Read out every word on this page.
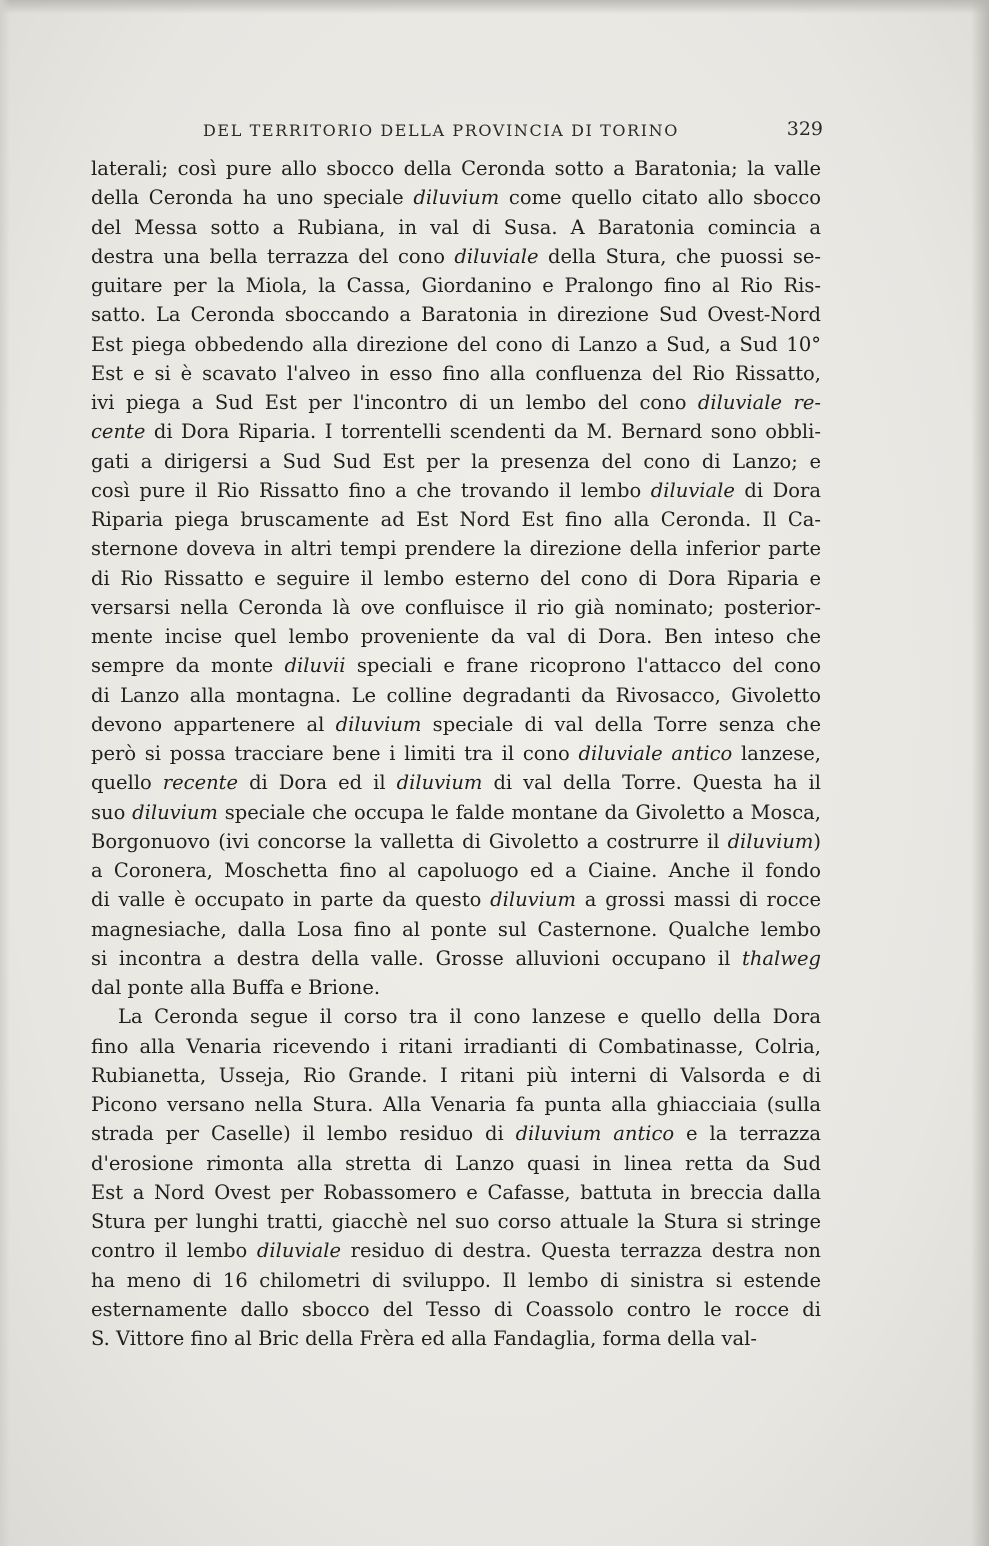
DEL TERRITORIO DELLA PROVINCIA DI TORINO	329
laterali; così pure allo sbocco della Ceronda sotto a Baratonia; la valle
della Ceronda ha uno speciale diluvium come quello citato allo sbocco
del Messa sotto a Rubiana, in val di Susa. A Baratonia comincia a
destra una bella terrazza del cono diluviale della Stura, che puossi se-
guitare per la Miola, la Cassa, Giordanino e Pralongo fino al Rio Ris-
satto. La Ceronda sboccando a Baratonia in direzione Sud Ovest-Nord
Est piega obbedendo alla direzione del cono di Lanzo a Sud, a Sud 10°
Est e si è scavato l'alveo in esso fino alla confluenza del Rio Rissatto,
ivi piega a Sud Est per l'incontro di un lembo del cono diluviale re-
cente di Dora Riparia. I torrentelli scendenti da M. Bernard sono obbli-
gati a dirigersi a Sud Sud Est per la presenza del cono di Lanzo; e
così pure il Rio Rissatto fino a che trovando il lembo diluviale di Dora
Riparia piega bruscamente ad Est Nord Est fino alla Ceronda. Il Ca-
sternone doveva in altri tempi prendere la direzione della inferior parte
di Rio Rissatto e seguire il lembo esterno del cono di Dora Riparia e
versarsi nella Ceronda là ove confluisce il rio già nominato; posterior-
mente incise quel lembo proveniente da val di Dora. Ben inteso che
sempre da monte diluvii speciali e frane ricoprono l'attacco del cono
di Lanzo alla montagna. Le colline degradanti da Rivosacco, Givoletto
devono appartenere al diluvium speciale di val della Torre senza che
però si possa tracciare bene i limiti tra il cono diluviale antico lanzese,
quello recente di Dora ed il diluvium di val della Torre. Questa ha il
suo diluvium speciale che occupa le falde montane da Givoletto a Mosca,
Borgonuovo (ivi concorse la valletta di Givoletto a costrurre il diluvium)
a Coronera, Moschetta fino al capoluogo ed a Ciaine. Anche il fondo
di valle è occupato in parte da questo diluvium a grossi massi di rocce
magnesiache, dalla Losa fino al ponte sul Casternone. Qualche lembo
si incontra a destra della valle. Grosse alluvioni occupano il thalweg
dal ponte alla Buffa e Brione.
La Ceronda segue il corso tra il cono lanzese e quello della Dora
fino alla Venaria ricevendo i ritani irradianti di Combatinasse, Colria,
Rubianetta, Usseja, Rio Grande. I ritani più interni di Valsorda e di
Picono versano nella Stura. Alla Venaria fa punta alla ghiacciaia (sulla
strada per Caselle) il lembo residuo di diluvium antico e la terrazza
d'erosione rimonta alla stretta di Lanzo quasi in linea retta da Sud
Est a Nord Ovest per Robassomero e Cafasse, battuta in breccia dalla
Stura per lunghi tratti, giacchè nel suo corso attuale la Stura si stringe
contro il lembo diluviale residuo di destra. Questa terrazza destra non
ha meno di 16 chilometri di sviluppo. Il lembo di sinistra si estende
esternamente dallo sbocco del Tesso di Coassolo contro le rocce di
S. Vittore fino al Bric della Frèra ed alla Fandaglia, forma della val-
